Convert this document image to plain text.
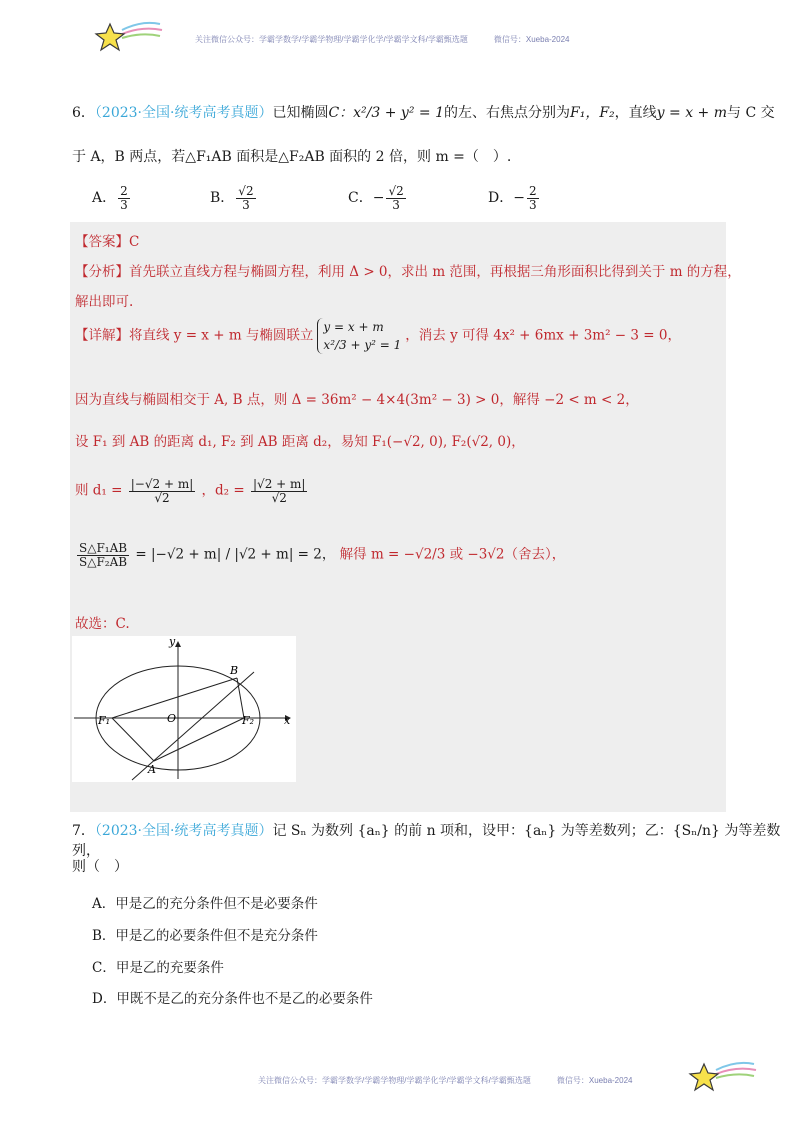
关注微信公众号：学霸学数学/学霸学物理/学霸学化学/学霸学文科/学霸甄选题	微信号：Xueba-2024
6．（2023·全国·统考高考真题）已知椭圆C：x²/3 + y² = 1的左、右焦点分别为F₁，F₂，直线y = x + m与 C 交
于 A，B 两点，若△F₁AB 面积是△F₂AB 面积的 2 倍，则 m =（　）.
A． $\frac{2}{3}$	B． $\frac{√2}{3}$	C．− $\frac{√2}{3}$	D．− $\frac{2}{3}$
【答案】C
【分析】首先联立直线方程与椭圆方程，利用 Δ > 0，求出 m 范围，再根据三角形面积比得到关于 m 的方程，
解出即可.
【详解】将直线 y = x + m 与椭圆联立y = x + m
x²/3 + y² = 1，消去 y 可得 4x² + 6mx + 3m² − 3 = 0，
因为直线与椭圆相交于 A, B 点，则 Δ = 36m² − 4×4(3m² − 3) > 0，解得 −2 < m < 2，
设 F₁ 到 AB 的距离 d₁, F₂ 到 AB 距离 d₂，易知 F₁(−√2, 0), F₂(√2, 0)，
则 $d_1 = \frac{|-√2 + m|}{√2}$ ，$d_2 = \frac{|√2 + m|}{√2}$
$\frac{\text{S△F₁AB}}{\text{S△F₂AB}} = |-√2 + m| / |√2 + m| = 2$， 解得 m = −√2/3 或 −3√2（舍去），
故选：C.
y
x
O
A
B
F₁	F₂
7．（2023·全国·统考高考真题）记 Sₙ 为数列 {aₙ} 的前 n 项和，设甲：{aₙ} 为等差数列；乙：{Sₙ/n} 为等差数列，
则（　）
A．甲是乙的充分条件但不是必要条件
B．甲是乙的必要条件但不是充分条件
C．甲是乙的充要条件
D．甲既不是乙的充分条件也不是乙的必要条件
关注微信公众号：学霸学数学/学霸学物理/学霸学化学/学霸学文科/学霸甄选题	微信号：Xueba-2024
